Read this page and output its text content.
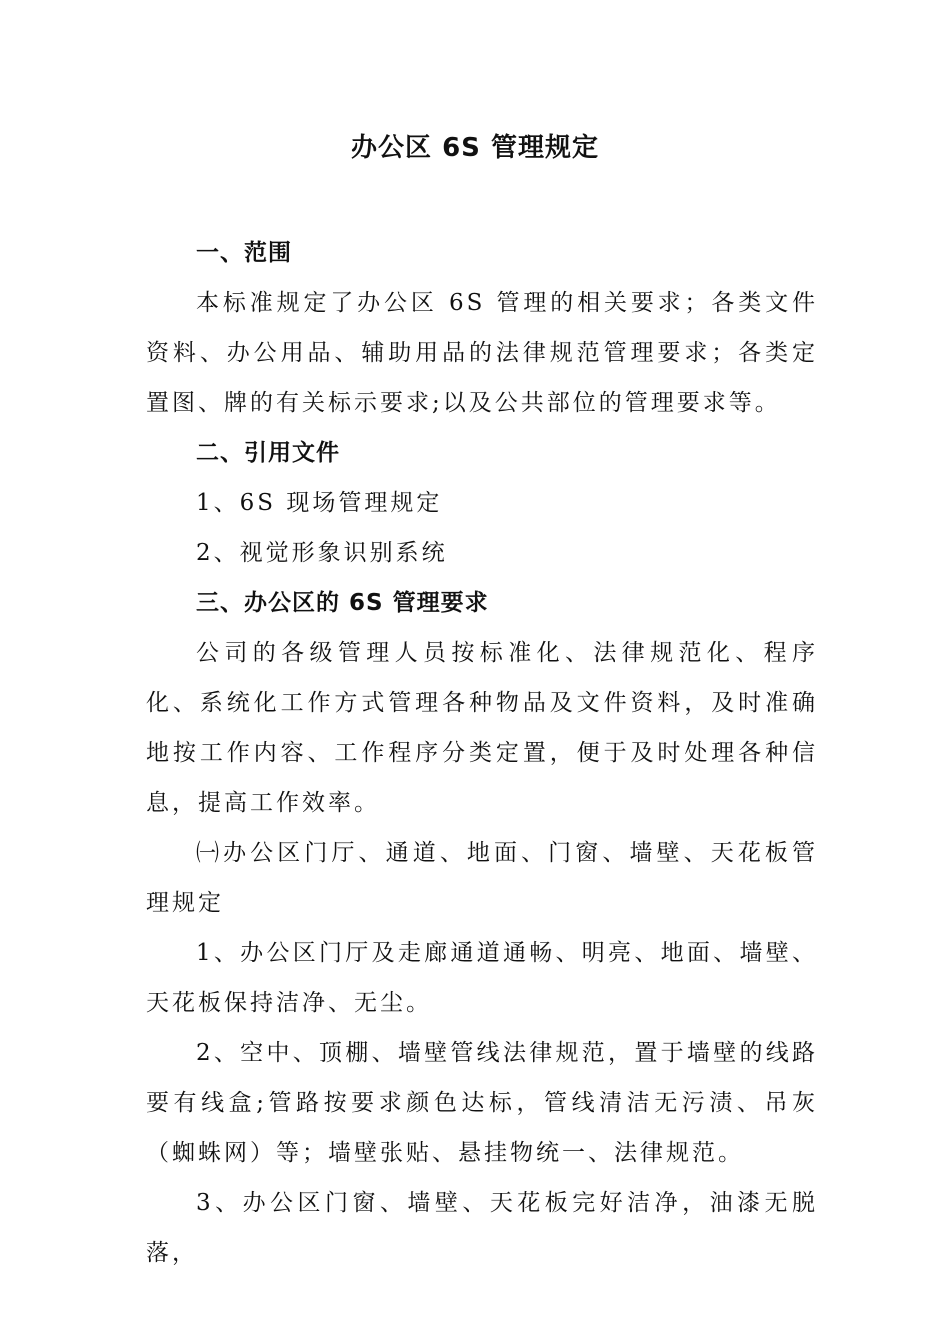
办公区 6S 管理规定

一、范围

本标准规定了办公区 6S 管理的相关要求；各类文件资料、办公用品、辅助用品的法律规范管理要求；各类定置图、牌的有关标示要求;以及公共部位的管理要求等。

二、引用文件

1、6S 现场管理规定

2、视觉形象识别系统

三、办公区的 6S 管理要求

公司的各级管理人员按标准化、法律规范化、程序化、系统化工作方式管理各种物品及文件资料，及时准确地按工作内容、工作程序分类定置，便于及时处理各种信息，提高工作效率。

㈠办公区门厅、通道、地面、门窗、墙壁、天花板管理规定

1、办公区门厅及走廊通道通畅、明亮、地面、墙壁、天花板保持洁净、无尘。

2、空中、顶棚、墙壁管线法律规范，置于墙壁的线路要有线盒;管路按要求颜色达标，管线清洁无污渍、吊灰（蜘蛛网）等；墙壁张贴、悬挂物统一、法律规范。

3、办公区门窗、墙壁、天花板完好洁净，油漆无脱落，
